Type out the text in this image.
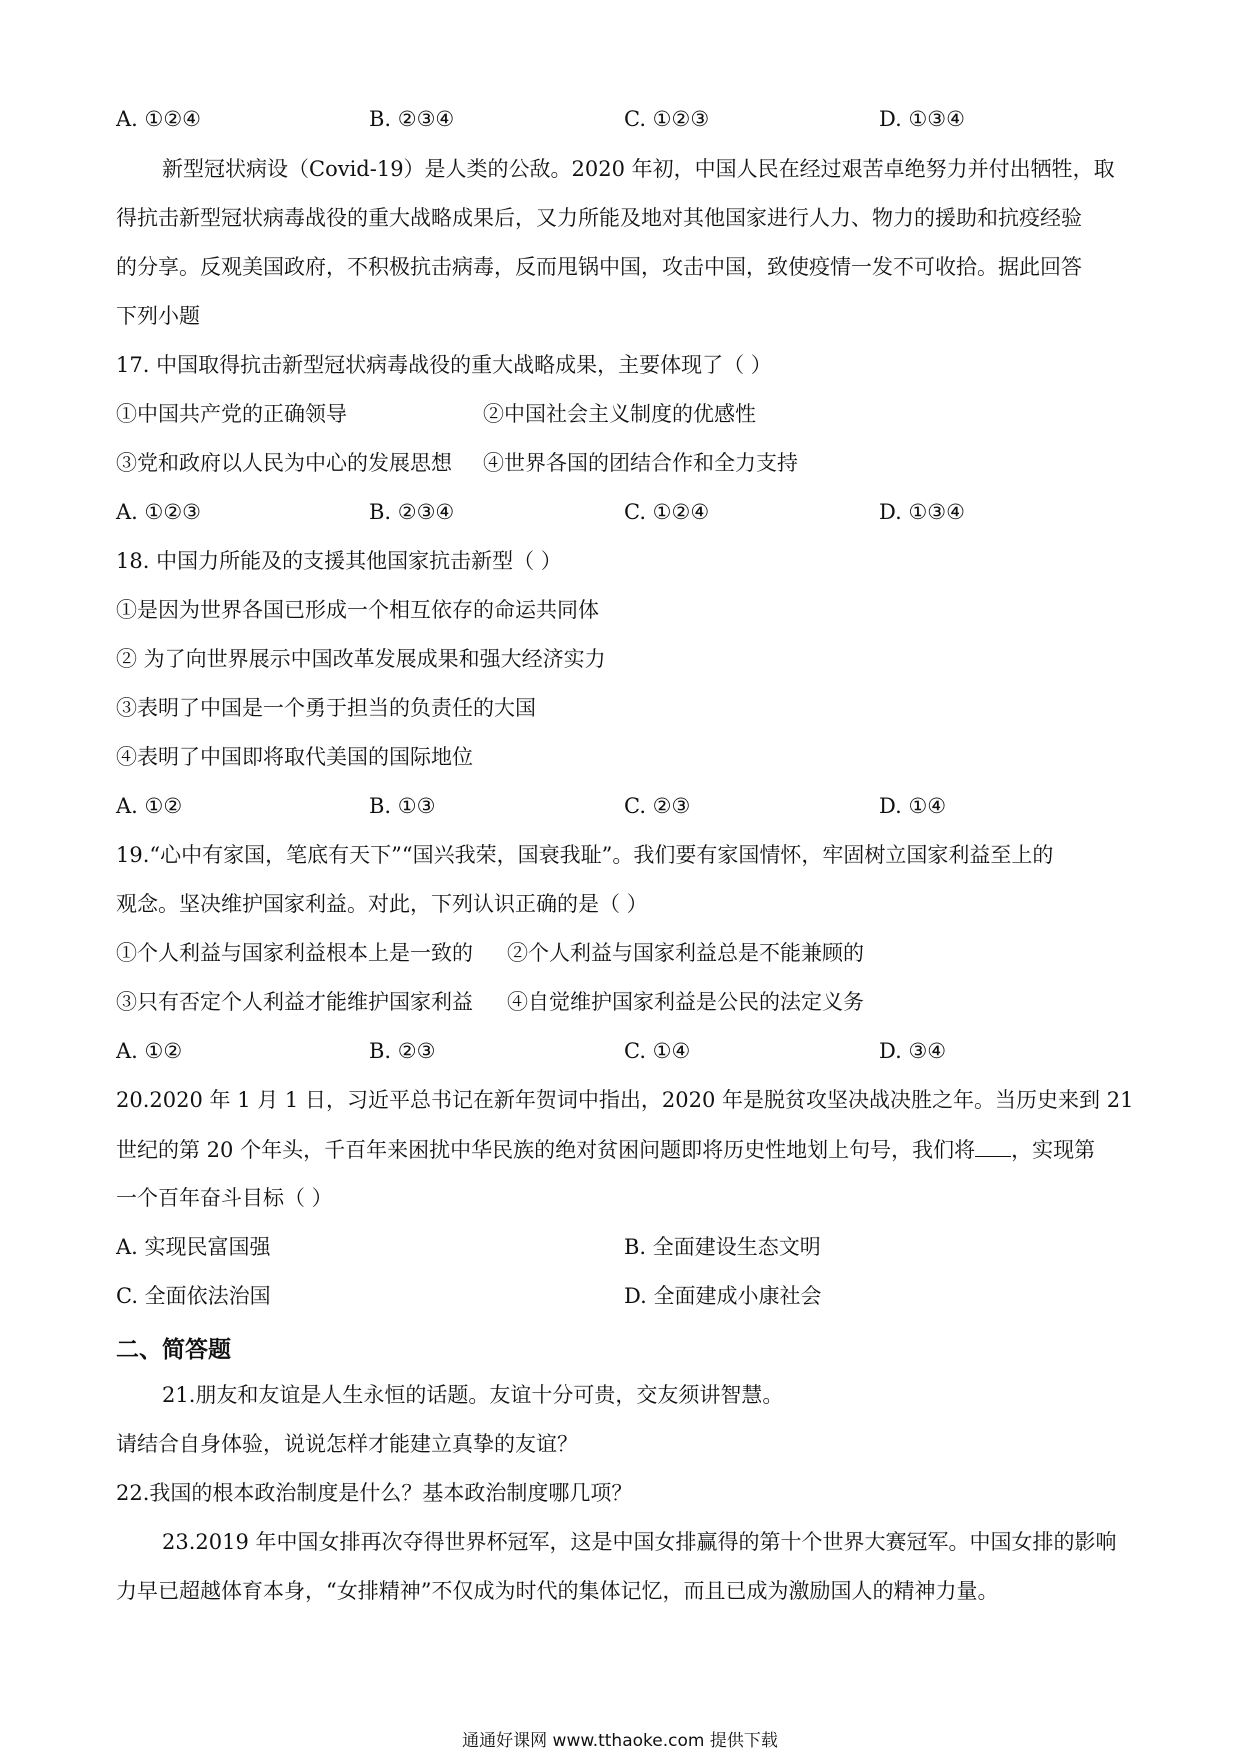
A. ①②④	B. ②③④	C. ①②③	D. ①③④
新型冠状病设（Covid-19）是人类的公敌。2020 年初，中国人民在经过艰苦卓绝努力并付出牺牲，取
得抗击新型冠状病毒战役的重大战略成果后，又力所能及地对其他国家进行人力、物力的援助和抗疫经验
的分享。反观美国政府，不积极抗击病毒，反而甩锅中国，攻击中国，致使疫情一发不可收拾。据此回答
下列小题
17. 中国取得抗击新型冠状病毒战役的重大战略成果，主要体现了（ ）
①中国共产党的正确领导	②中国社会主义制度的优感性
③党和政府以人民为中心的发展思想 ④世界各国的团结合作和全力支持
A. ①②③	B. ②③④	C. ①②④	D. ①③④
18. 中国力所能及的支援其他国家抗击新型（ ）
①是因为世界各国已形成一个相互依存的命运共同体
② 为了向世界展示中国改革发展成果和强大经济实力
③表明了中国是一个勇于担当的负责任的大国
④表明了中国即将取代美国的国际地位
A. ①②	B. ①③	C. ②③	D. ①④
19.“心中有家国，笔底有天下”“国兴我荣，国衰我耻”。我们要有家国情怀，牢固树立国家利益至上的
观念。坚决维护国家利益。对此，下列认识正确的是（ ）
①个人利益与国家利益根本上是一致的 ②个人利益与国家利益总是不能兼顾的
③只有否定个人利益才能维护国家利益 ④自觉维护国家利益是公民的法定义务
A. ①②	B. ②③	C. ①④	D. ③④
20.2020 年 1 月 1 日，习近平总书记在新年贺词中指出，2020 年是脱贫攻坚决战决胜之年。当历史来到 21
世纪的第 20 个年头，千百年来困扰中华民族的绝对贫困问题即将历史性地划上句号，我们将 ，实现第
一个百年奋斗目标（ ）
A. 实现民富国强	B. 全面建设生态文明
C. 全面依法治国	D. 全面建成小康社会
二、简答题
21.朋友和友谊是人生永恒的话题。友谊十分可贵，交友须讲智慧。
请结合自身体验，说说怎样才能建立真挚的友谊？
22.我国的根本政治制度是什么？基本政治制度哪几项？
23.2019 年中国女排再次夺得世界杯冠军，这是中国女排赢得的第十个世界大赛冠军。中国女排的影响
力早已超越体育本身，“女排精神”不仅成为时代的集体记忆，而且已成为激励国人的精神力量。
通通好课网 www.tthaoke.com 提供下载
